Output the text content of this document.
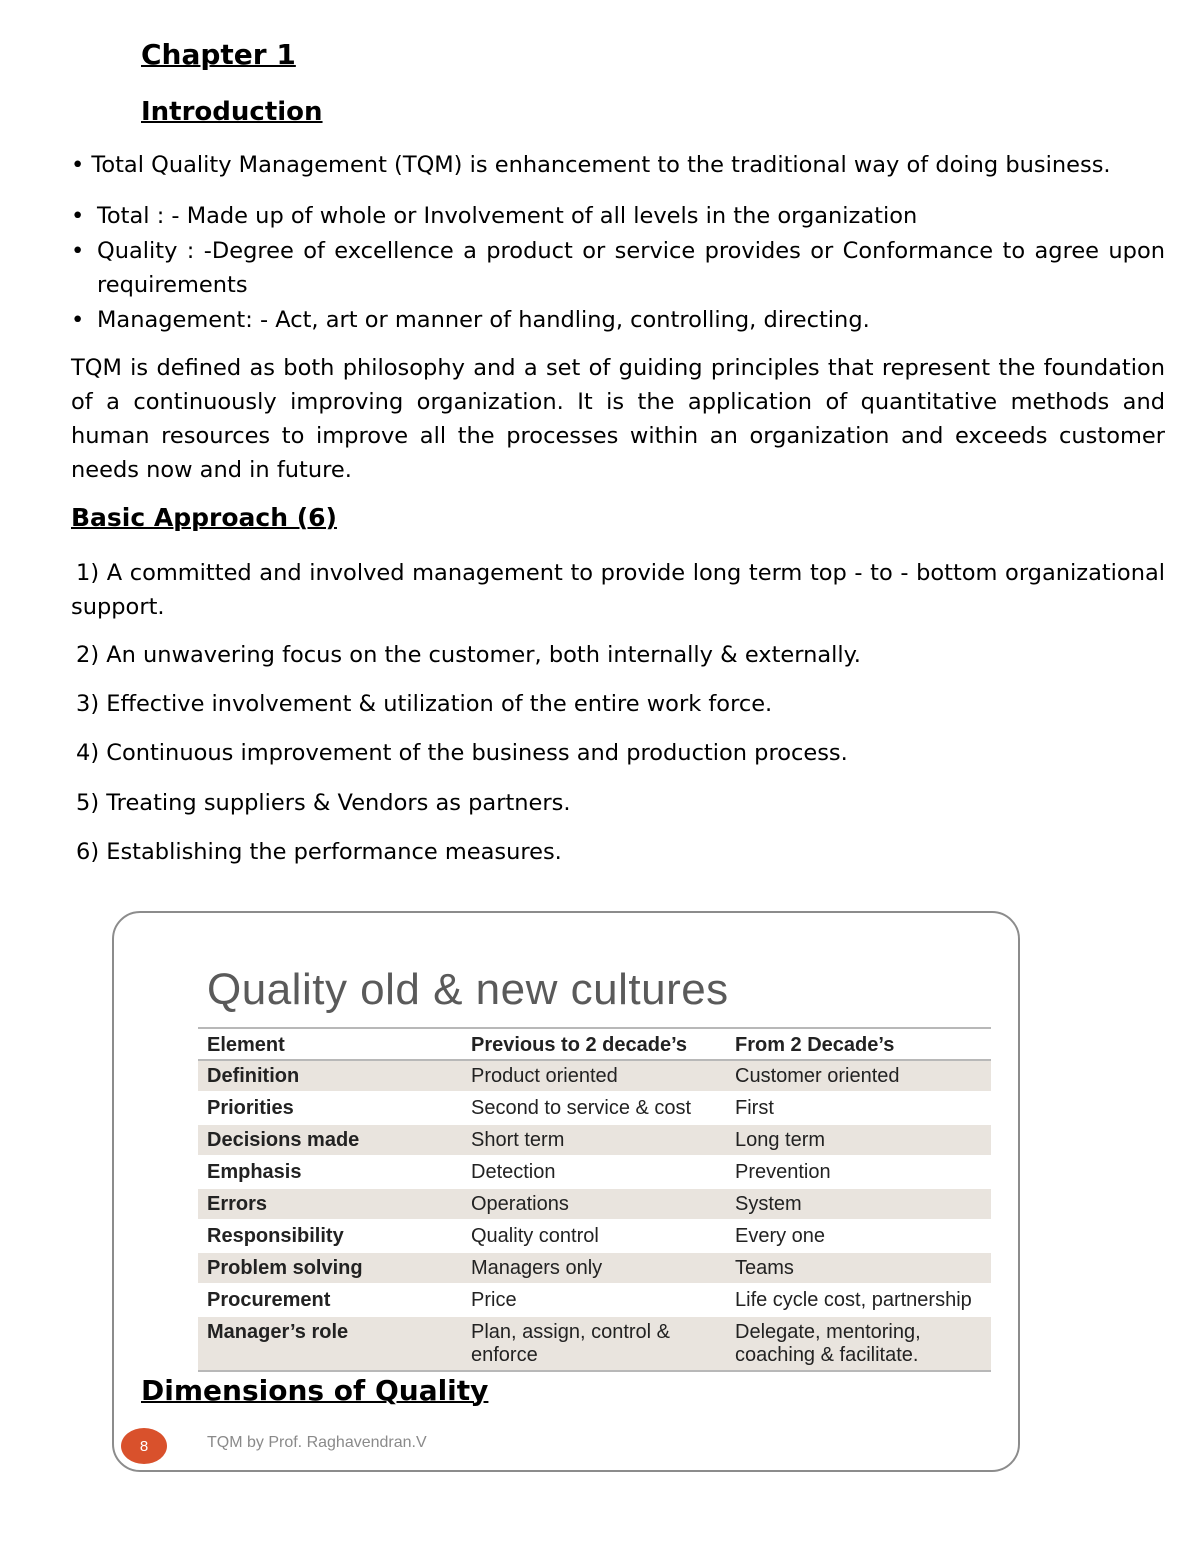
Chapter 1
Introduction
• Total Quality Management (TQM) is enhancement to the traditional way of doing business.
• Total : - Made up of whole or Involvement of all levels in the organization
• Quality : -Degree of excellence a product or service provides or Conformance to agree upon requirements
• Management: - Act, art or manner of handling, controlling, directing.
TQM is defined as both philosophy and a set of guiding principles that represent the foundation of a continuously improving organization. It is the application of quantitative methods and human resources to improve all the processes within an organization and exceeds customer needs now and in future.
Basic Approach (6)
1) A committed and involved management to provide long term top - to - bottom organizational support.
2) An unwavering focus on the customer, both internally & externally.
3) Effective involvement & utilization of the entire work force.
4) Continuous improvement of the business and production process.
5) Treating suppliers & Vendors as partners.
6) Establishing the performance measures.
Quality old & new cultures
Element	Previous to 2 decade’s	From 2 Decade’s
Definition	Product oriented	Customer oriented
Priorities	Second to service & cost	First
Decisions made	Short term	Long term
Emphasis	Detection	Prevention
Errors	Operations	System
Responsibility	Quality control	Every one
Problem solving	Managers only	Teams
Procurement	Price	Life cycle cost, partnership
Manager’s role	Plan, assign, control & enforce	Delegate, mentoring, coaching & facilitate.
8	TQM by Prof. Raghavendran.V
Dimensions of Quality
